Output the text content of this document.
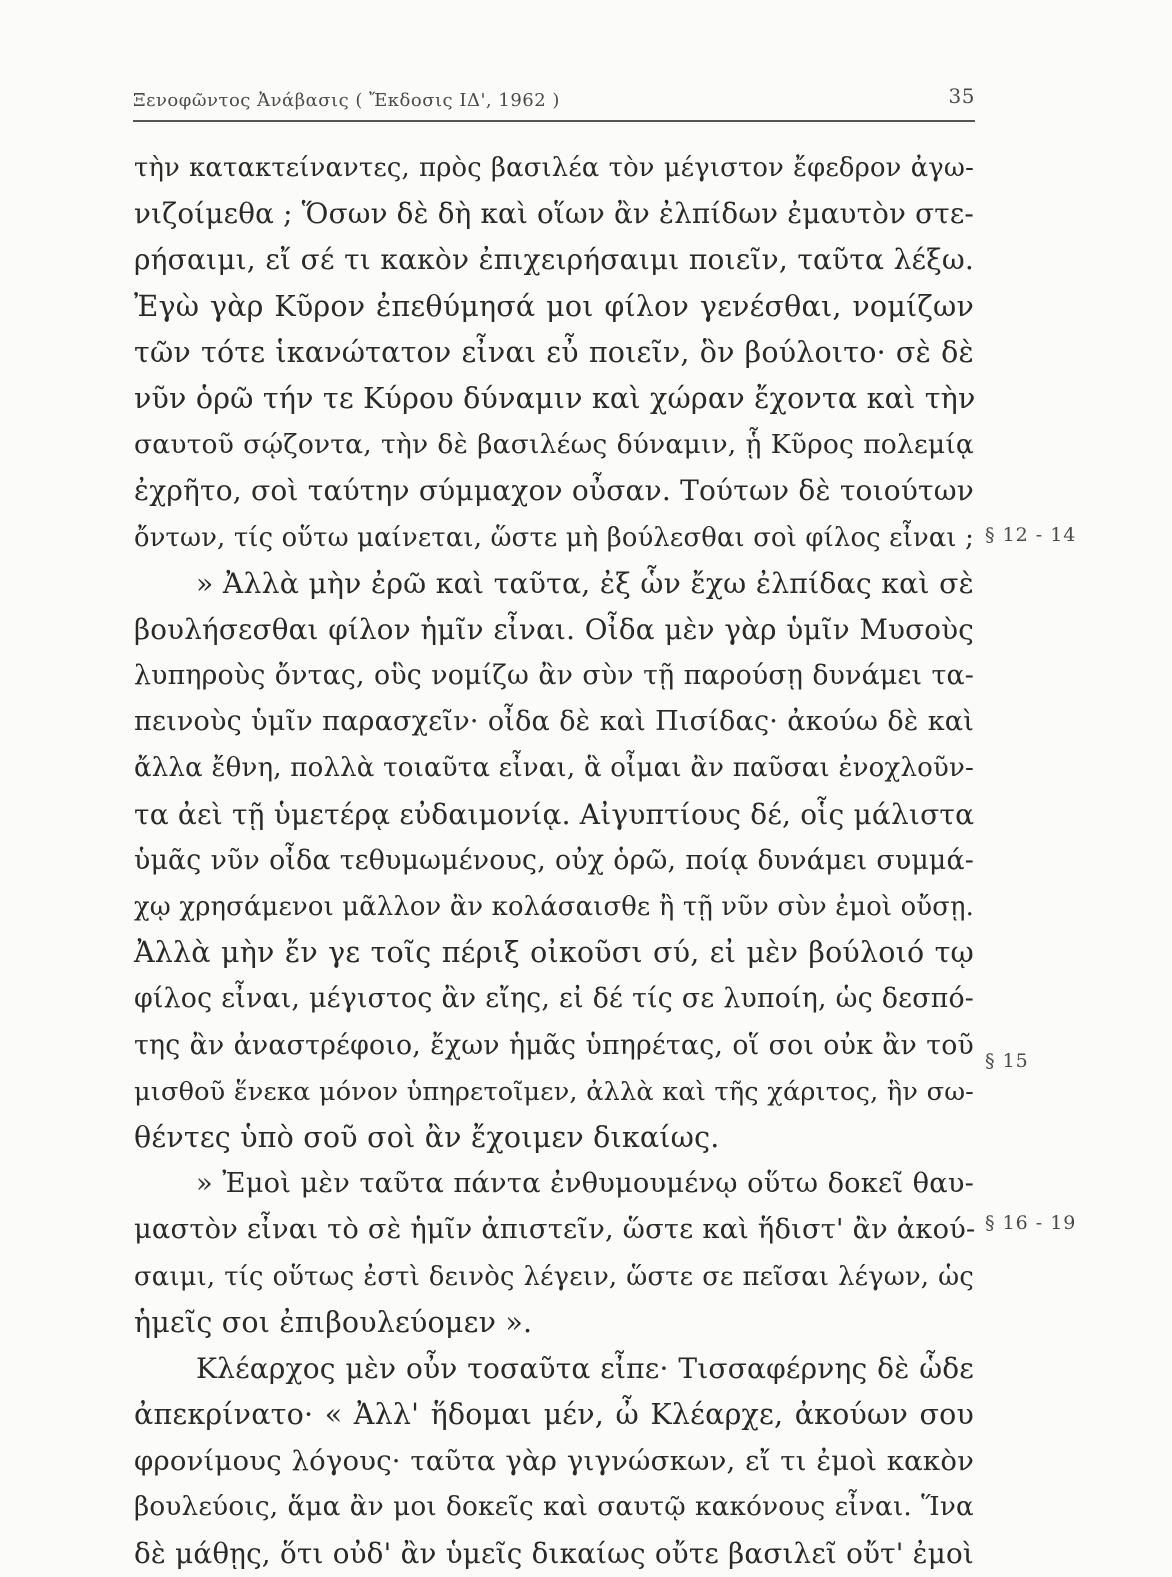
Ξενοφῶντος Ἀνάβασις ( Ἔκδοσις ΙΔ', 1962 )	35
τὴν κατακτείναντες, πρὸς βασιλέα τὸν μέγιστον ἔφεδρον ἀγω-
νιζοίμεθα ; Ὅσων δὲ δὴ καὶ οἵων ἂν ἐλπίδων ἐμαυτὸν στε-
ρήσαιμι, εἴ σέ τι κακὸν ἐπιχειρήσαιμι ποιεῖν, ταῦτα λέξω.
Ἐγὼ γὰρ Κῦρον ἐπεθύμησά μοι φίλον γενέσθαι, νομίζων
τῶν τότε ἱκανώτατον εἶναι εὖ ποιεῖν, ὃν βούλοιτο· σὲ δὲ
νῦν ὁρῶ τήν τε Κύρου δύναμιν καὶ χώραν ἔχοντα καὶ τὴν
σαυτοῦ σῴζοντα, τὴν δὲ βασιλέως δύναμιν, ᾗ Κῦρος πολεμίᾳ
ἐχρῆτο, σοὶ ταύτην σύμμαχον οὖσαν. Τούτων δὲ τοιούτων
ὄντων, τίς οὕτω μαίνεται, ὥστε μὴ βούλεσθαι σοὶ φίλος εἶναι ;
» Ἀλλὰ μὴν ἐρῶ καὶ ταῦτα, ἐξ ὧν ἔχω ἐλπίδας καὶ σὲ
βουλήσεσθαι φίλον ἡμῖν εἶναι. Οἶδα μὲν γὰρ ὑμῖν Μυσοὺς
λυπηροὺς ὄντας, οὓς νομίζω ἂν σὺν τῇ παρούσῃ δυνάμει τα-
πεινοὺς ὑμῖν παρασχεῖν· οἶδα δὲ καὶ Πισίδας· ἀκούω δὲ καὶ
ἄλλα ἔθνη, πολλὰ τοιαῦτα εἶναι, ἃ οἶμαι ἂν παῦσαι ἐνοχλοῦν-
τα ἀεὶ τῇ ὑμετέρᾳ εὐδαιμονίᾳ. Αἰγυπτίους δέ, οἷς μάλιστα
ὑμᾶς νῦν οἶδα τεθυμωμένους, οὐχ ὁρῶ, ποίᾳ δυνάμει συμμά-
χῳ χρησάμενοι μᾶλλον ἂν κολάσαισθε ἢ τῇ νῦν σὺν ἐμοὶ οὔσῃ.
Ἀλλὰ μὴν ἔν γε τοῖς πέριξ οἰκοῦσι σύ, εἰ μὲν βούλοιό τῳ
φίλος εἶναι, μέγιστος ἂν εἴης, εἰ δέ τίς σε λυποίη, ὡς δεσπό-
της ἂν ἀναστρέφοιο, ἔχων ἡμᾶς ὑπηρέτας, οἵ σοι οὐκ ἂν τοῦ
μισθοῦ ἕνεκα μόνον ὑπηρετοῖμεν, ἀλλὰ καὶ τῆς χάριτος, ἣν σω-
θέντες ὑπὸ σοῦ σοὶ ἂν ἔχοιμεν δικαίως.
» Ἐμοὶ μὲν ταῦτα πάντα ἐνθυμουμένῳ οὕτω δοκεῖ θαυ-
μαστὸν εἶναι τὸ σὲ ἡμῖν ἀπιστεῖν, ὥστε καὶ ἥδιστ' ἂν ἀκού-
σαιμι, τίς οὕτως ἐστὶ δεινὸς λέγειν, ὥστε σε πεῖσαι λέγων, ὡς
ἡμεῖς σοι ἐπιβουλεύομεν ».
Κλέαρχος μὲν οὖν τοσαῦτα εἶπε· Τισσαφέρνης δὲ ὧδε
ἀπεκρίνατο· « Ἀλλ' ἥδομαι μέν, ὦ Κλέαρχε, ἀκούων σου
φρονίμους λόγους· ταῦτα γὰρ γιγνώσκων, εἴ τι ἐμοὶ κακὸν
βουλεύοις, ἅμα ἂν μοι δοκεῖς καὶ σαυτῷ κακόνους εἶναι. Ἵνα
δὲ μάθῃς, ὅτι οὐδ' ἂν ὑμεῖς δικαίως οὔτε βασιλεῖ οὔτ' ἐμοὶ
§ 12 - 14
§ 15
§ 16 - 19
